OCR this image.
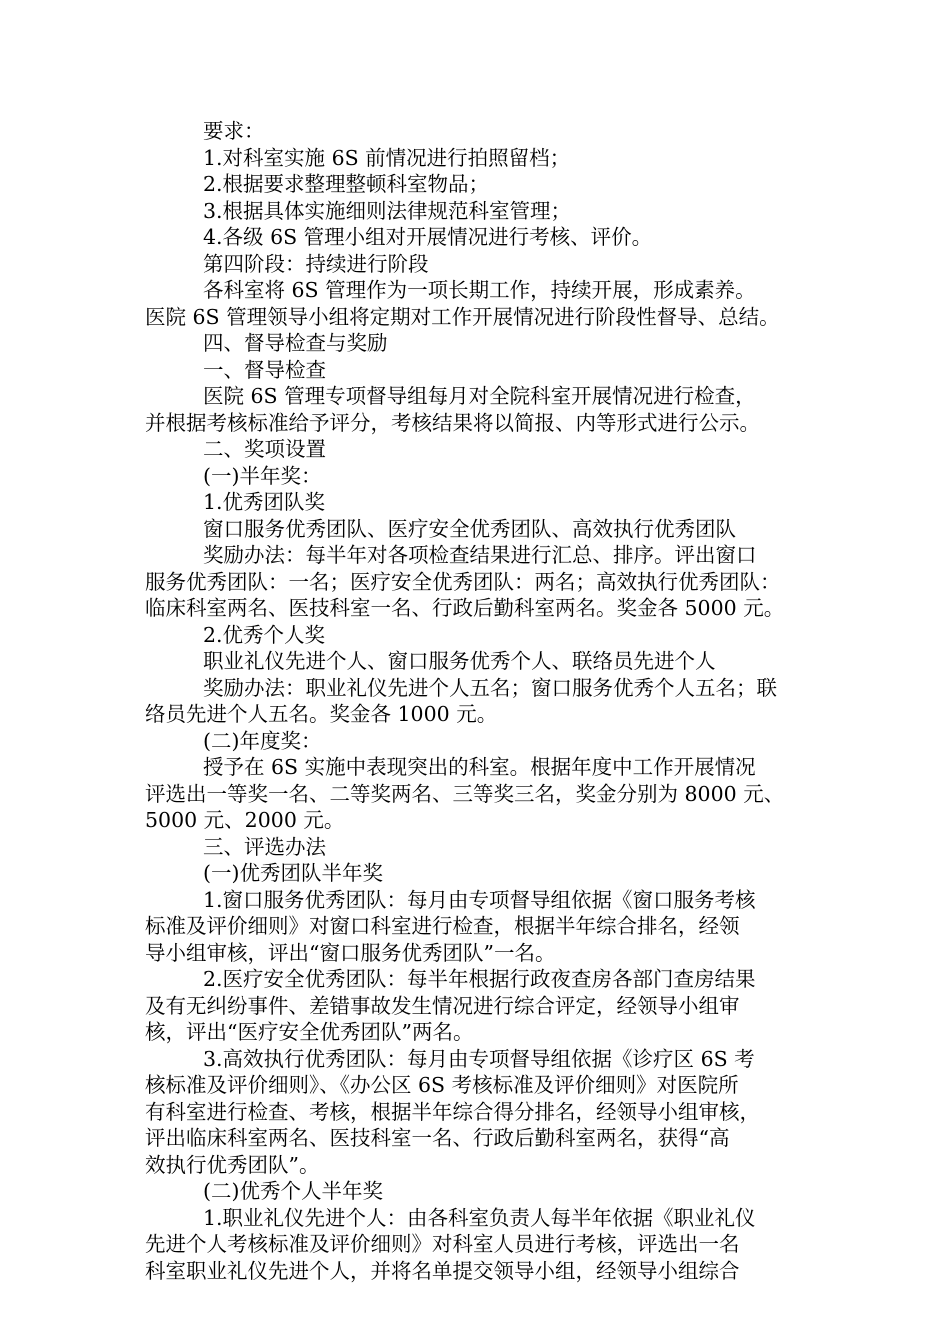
要求：

1.对科室实施 6S 前情况进行拍照留档；

2.根据要求整理整顿科室物品；

3.根据具体实施细则法律规范科室管理；

4.各级 6S 管理小组对开展情况进行考核、评价。

第四阶段：持续进行阶段

各科室将 6S 管理作为一项长期工作，持续开展，形成素养。

医院 6S 管理领导小组将定期对工作开展情况进行阶段性督导、总结。

四、督导检查与奖励

一、督导检查

医院 6S 管理专项督导组每月对全院科室开展情况进行检查，

并根据考核标准给予评分，考核结果将以简报、内等形式进行公示。

二、奖项设置

(一)半年奖：

1.优秀团队奖

窗口服务优秀团队、医疗安全优秀团队、高效执行优秀团队

奖励办法：每半年对各项检查结果进行汇总、排序。评出窗口

服务优秀团队：一名；医疗安全优秀团队：两名；高效执行优秀团队：

临床科室两名、医技科室一名、行政后勤科室两名。奖金各 5000 元。

2.优秀个人奖

职业礼仪先进个人、窗口服务优秀个人、联络员先进个人

奖励办法：职业礼仪先进个人五名；窗口服务优秀个人五名；联

络员先进个人五名。奖金各 1000 元。

(二)年度奖：

授予在 6S 实施中表现突出的科室。根据年度中工作开展情况

评选出一等奖一名、二等奖两名、三等奖三名，奖金分别为 8000 元、

5000 元、2000 元。

三、评选办法

(一)优秀团队半年奖

1.窗口服务优秀团队：每月由专项督导组依据《窗口服务考核

标准及评价细则》对窗口科室进行检查，根据半年综合排名，经领

导小组审核，评出“窗口服务优秀团队”一名。

2.医疗安全优秀团队：每半年根据行政夜查房各部门查房结果

及有无纠纷事件、差错事故发生情况进行综合评定，经领导小组审

核，评出“医疗安全优秀团队”两名。

3.高效执行优秀团队：每月由专项督导组依据《诊疗区 6S 考

核标准及评价细则》、《办公区 6S 考核标准及评价细则》对医院所

有科室进行检查、考核，根据半年综合得分排名，经领导小组审核，

评出临床科室两名、医技科室一名、行政后勤科室两名，获得“高

效执行优秀团队”。

(二)优秀个人半年奖

1.职业礼仪先进个人：由各科室负责人每半年依据《职业礼仪

先进个人考核标准及评价细则》对科室人员进行考核，评选出一名

科室职业礼仪先进个人，并将名单提交领导小组，经领导小组综合
